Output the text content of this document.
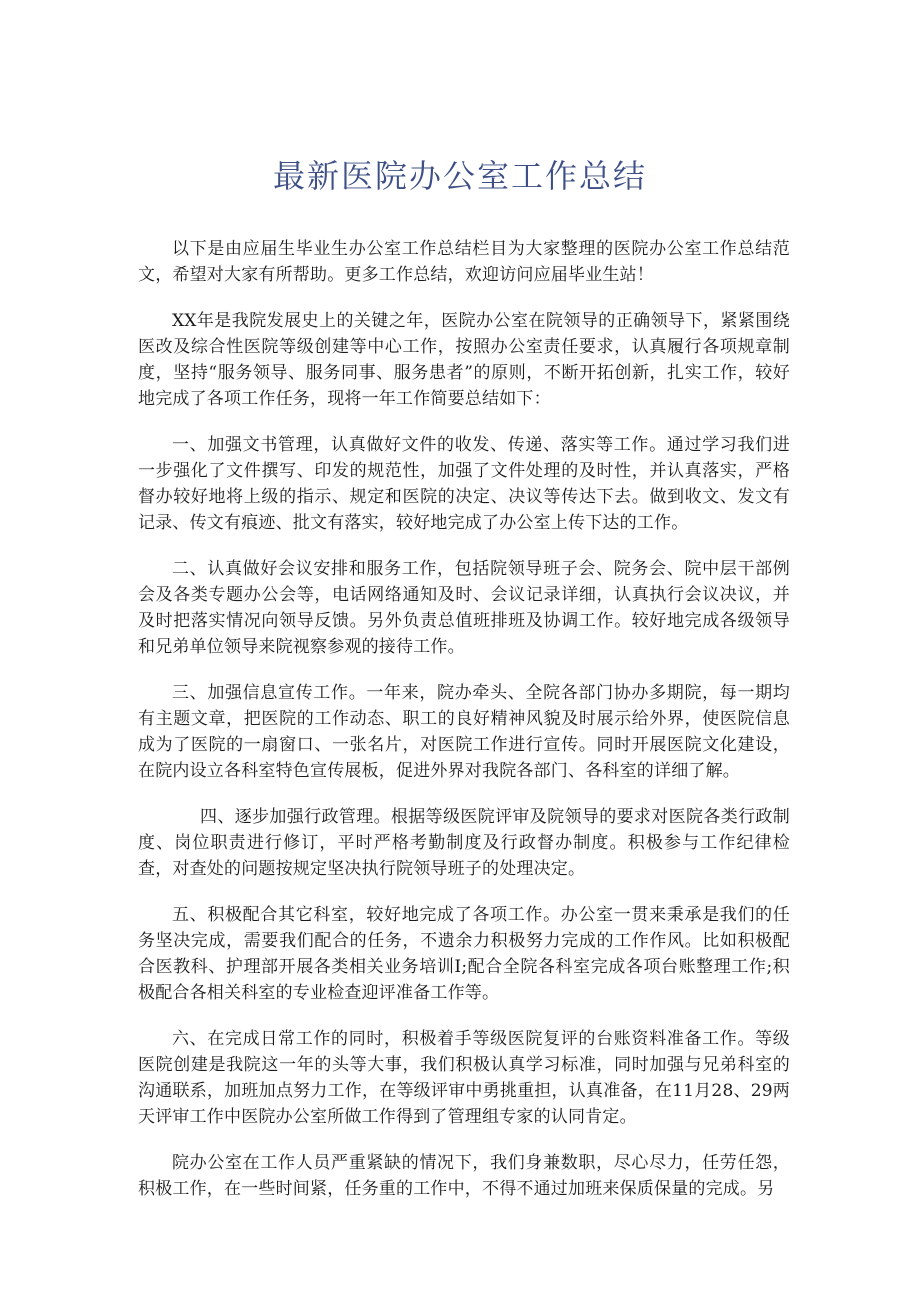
最新医院办公室工作总结

以下是由应届生毕业生办公室工作总结栏目为大家整理的医院办公室工作总结范文，希望对大家有所帮助。更多工作总结，欢迎访问应届毕业生站！

XX年是我院发展史上的关键之年，医院办公室在院领导的正确领导下，紧紧围绕医改及综合性医院等级创建等中心工作，按照办公室责任要求，认真履行各项规章制度，坚持“服务领导、服务同事、服务患者”的原则，不断开拓创新，扎实工作，较好地完成了各项工作任务，现将一年工作简要总结如下：

一、加强文书管理，认真做好文件的收发、传递、落实等工作。通过学习我们进一步强化了文件撰写、印发的规范性，加强了文件处理的及时性，并认真落实，严格督办较好地将上级的指示、规定和医院的决定、决议等传达下去。做到收文、发文有记录、传文有痕迹、批文有落实，较好地完成了办公室上传下达的工作。

二、认真做好会议安排和服务工作，包括院领导班子会、院务会、院中层干部例会及各类专题办公会等，电话网络通知及时、会议记录详细，认真执行会议决议，并及时把落实情况向领导反馈。另外负责总值班排班及协调工作。较好地完成各级领导和兄弟单位领导来院视察参观的接待工作。

三、加强信息宣传工作。一年来，院办牵头、全院各部门协办多期院，每一期均有主题文章，把医院的工作动态、职工的良好精神风貌及时展示给外界，使医院信息成为了医院的一扇窗口、一张名片，对医院工作进行宣传。同时开展医院文化建设，在院内设立各科室特色宣传展板，促进外界对我院各部门、各科室的详细了解。

四、逐步加强行政管理。根据等级医院评审及院领导的要求对医院各类行政制度、岗位职责进行修订，平时严格考勤制度及行政督办制度。积极参与工作纪律检查，对查处的问题按规定坚决执行院领导班子的处理决定。

五、积极配合其它科室，较好地完成了各项工作。办公室一贯来秉承是我们的任务坚决完成，需要我们配合的任务，不遗余力积极努力完成的工作作风。比如积极配合医教科、护理部开展各类相关业务培训I;配合全院各科室完成各项台账整理工作;积极配合各相关科室的专业检查迎评准备工作等。

六、在完成日常工作的同时，积极着手等级医院复评的台账资料准备工作。等级医院创建是我院这一年的头等大事，我们积极认真学习标准，同时加强与兄弟科室的沟通联系，加班加点努力工作，在等级评审中勇挑重担，认真准备，在11月28、29两天评审工作中医院办公室所做工作得到了管理组专家的认同肯定。

院办公室在工作人员严重紧缺的情况下，我们身兼数职，尽心尽力，任劳任怨，积极工作，在一些时间紧，任务重的工作中，不得不通过加班来保质保量的完成。另
